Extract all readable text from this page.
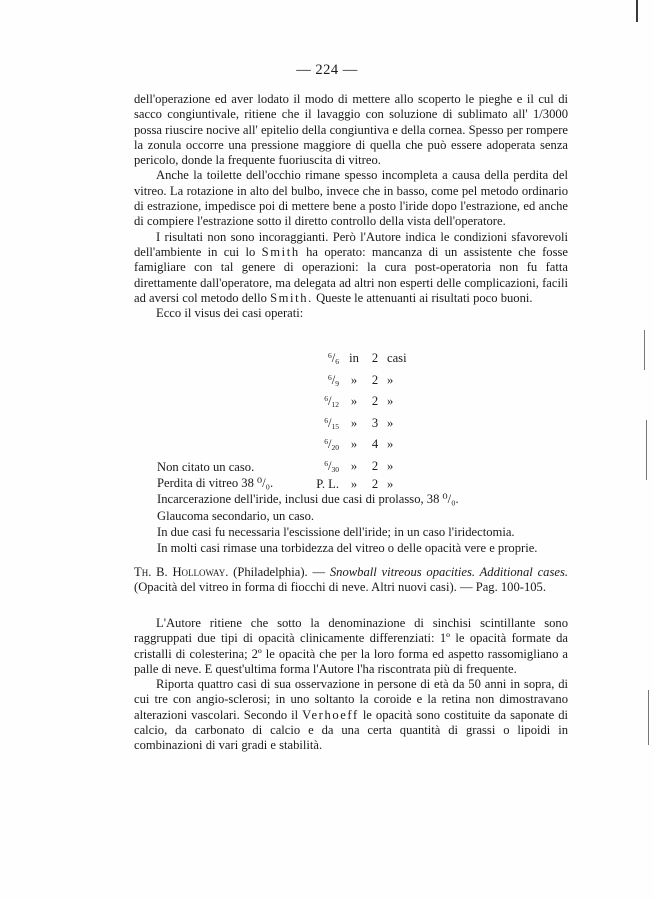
— 224 —

dell'operazione ed aver lodato il modo di mettere allo scoperto le pieghe e il cul di sacco congiuntivale, ritiene che il lavaggio con soluzione di sublimato all' 1/3000 possa riuscire nocive all' epitelio della congiuntiva e della cornea. Spesso per rompere la zonula occorre una pressione maggiore di quella che può essere adoperata senza pericolo, donde la frequente fuoriuscita di vitreo.

Anche la toilette dell'occhio rimane spesso incompleta a causa della perdita del vitreo. La rotazione in alto del bulbo, invece che in basso, come pel metodo ordinario di estrazione, impedisce poi di mettere bene a posto l'iride dopo l'estrazione, ed anche di compiere l'estrazione sotto il diretto controllo della vista dell'operatore.

I risultati non sono incoraggianti. Però l'Autore indica le condizioni sfavorevoli dell'ambiente in cui lo Smith ha operato: mancanza di un assistente che fosse famigliare con tal genere di operazioni: la cura post-operatoria non fu fatta direttamente dall'operatore, ma delegata ad altri non esperti delle complicazioni, facili ad aversi col metodo dello Smith. Queste le attenuanti ai risultati poco buoni.

Ecco il visus dei casi operati:

$^6/_6$	in	2	casi
$^6/_9$	»	2	»
$^6/_{12}$	»	2	»
$^6/_{15}$	»	3	»
$^6/_{20}$	»	4	»
$^6/_{30}$	»	2	»
P. L.	»	2	»

Non citato un caso.

Perdita di vitreo 38 ⁰/₀.

Incarcerazione dell'iride, inclusi due casi di prolasso, 38 ⁰/₀.

Glaucoma secondario, un caso.

In due casi fu necessaria l'escissione dell'iride; in un caso l'iridectomia.

In molti casi rimase una torbidezza del vitreo o delle opacità vere e proprie.

Th. B. Holloway. (Philadelphia). — Snowball vitreous opacities. Additional cases. (Opacità del vitreo in forma di fiocchi di neve. Altri nuovi casi). — Pag. 100-105.

L'Autore ritiene che sotto la denominazione di sinchisi scintillante sono raggruppati due tipi di opacità clinicamente differenziati: 1º le opacità formate da cristalli di colesterina; 2º le opacità che per la loro forma ed aspetto rassomigliano a palle di neve. E quest'ultima forma l'Autore l'ha riscontrata più di frequente.

Riporta quattro casi di sua osservazione in persone di età da 50 anni in sopra, di cui tre con angio-sclerosi; in uno soltanto la coroide e la retina non dimostravano alterazioni vascolari. Secondo il Verhoeff le opacità sono costituite da saponate di calcio, da carbonato di calcio e da una certa quantità di grassi o lipoidi in combinazioni di vari gradi e stabilità.
